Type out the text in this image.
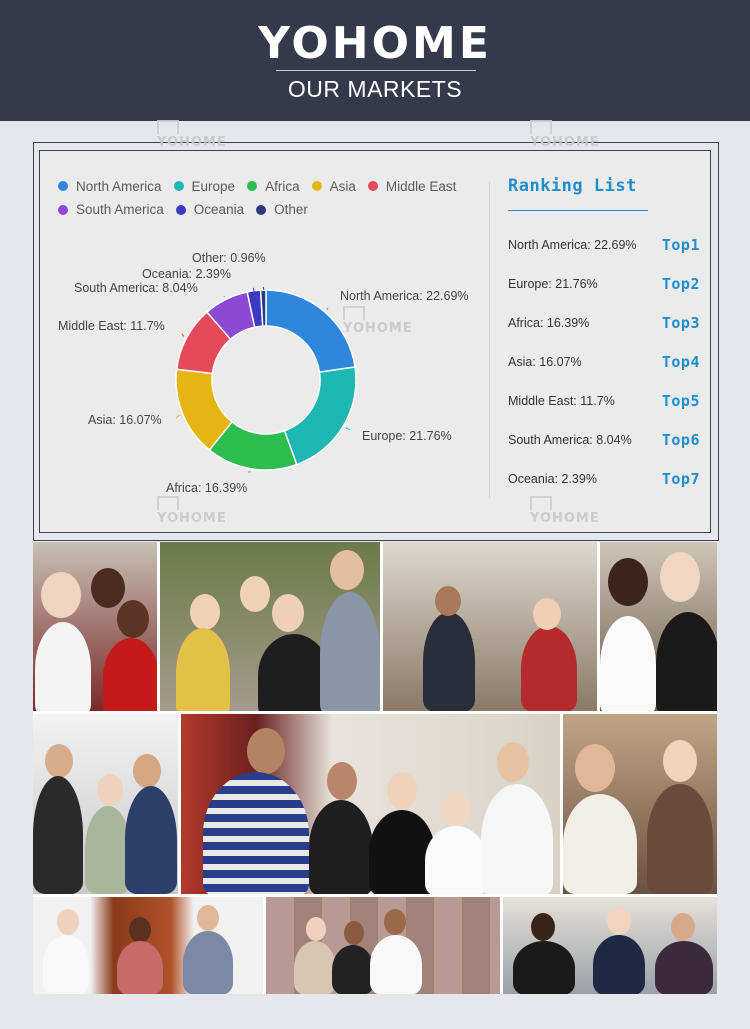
YOHOME
OUR MARKETS
YOHOME	YOHOME
YOHOME
YOHOME	YOHOME
North America Europe Africa Asia Middle East

South America Oceania Other
North America: 22.69%
Europe: 21.76%
Africa: 16.39%
Asia: 16.07%
Middle East: 11.7%
South America: 8.04%
Oceania: 2.39%
Other: 0.96%
Ranking List
North America: 22.69% Top1
Europe: 21.76%	Top2
Africa: 16.39%	Top3
Asia: 16.07%	Top4
Middle East: 11.7%	Top5
South America: 8.04% Top6
Oceania: 2.39%	Top7
